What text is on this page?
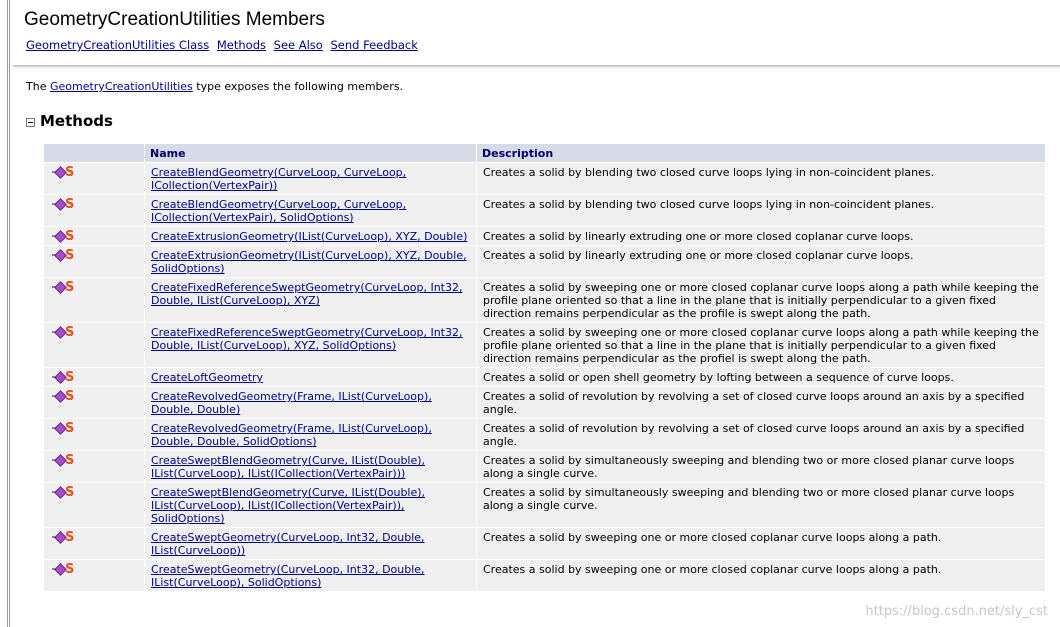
GeometryCreationUtilities Members
GeometryCreationUtilities Class Methods See Also Send Feedback
The GeometryCreationUtilities type exposes the following members.
Methods
	Name	Description

S	CreateBlendGeometry(CurveLoop, CurveLoop, ICollection(VertexPair))	Creates a solid by blending two closed curve loops lying in non-coincident planes.

S	CreateBlendGeometry(CurveLoop, CurveLoop, ICollection(VertexPair), SolidOptions)	Creates a solid by blending two closed curve loops lying in non-coincident planes.

S	CreateExtrusionGeometry(IList(CurveLoop), XYZ, Double)	Creates a solid by linearly extruding one or more closed coplanar curve loops.

S	CreateExtrusionGeometry(IList(CurveLoop), XYZ, Double, SolidOptions)	Creates a solid by linearly extruding one or more closed coplanar curve loops.

S	CreateFixedReferenceSweptGeometry(CurveLoop, Int32, Double, IList(CurveLoop), XYZ)	Creates a solid by sweeping one or more closed coplanar curve loops along a path while keeping the profile plane oriented so that a line in the plane that is initially perpendicular to a given fixed direction remains perpendicular as the profile is swept along the path.

S	CreateFixedReferenceSweptGeometry(CurveLoop, Int32, Double, IList(CurveLoop), XYZ, SolidOptions)	Creates a solid by sweeping one or more closed coplanar curve loops along a path while keeping the profile plane oriented so that a line in the plane that is initially perpendicular to a given fixed direction remains perpendicular as the profiel is swept along the path.

S	CreateLoftGeometry	Creates a solid or open shell geometry by lofting between a sequence of curve loops.

S	CreateRevolvedGeometry(Frame, IList(CurveLoop), Double, Double)	Creates a solid of revolution by revolving a set of closed curve loops around an axis by a specified angle.

S	CreateRevolvedGeometry(Frame, IList(CurveLoop), Double, Double, SolidOptions)	Creates a solid of revolution by revolving a set of closed curve loops around an axis by a specified angle.

S	CreateSweptBlendGeometry(Curve, IList(Double), IList(CurveLoop), IList(ICollection(VertexPair)))	Creates a solid by simultaneously sweeping and blending two or more closed planar curve loops along a single curve.

S	CreateSweptBlendGeometry(Curve, IList(Double), IList(CurveLoop), IList(ICollection(VertexPair)), SolidOptions)	Creates a solid by simultaneously sweeping and blending two or more closed planar curve loops along a single curve.

S	CreateSweptGeometry(CurveLoop, Int32, Double, IList(CurveLoop))	Creates a solid by sweeping one or more closed coplanar curve loops along a path.

S	CreateSweptGeometry(CurveLoop, Int32, Double, IList(CurveLoop), SolidOptions)	Creates a solid by sweeping one or more closed coplanar curve loops along a path.
https://blog.csdn.net/sly_cst
